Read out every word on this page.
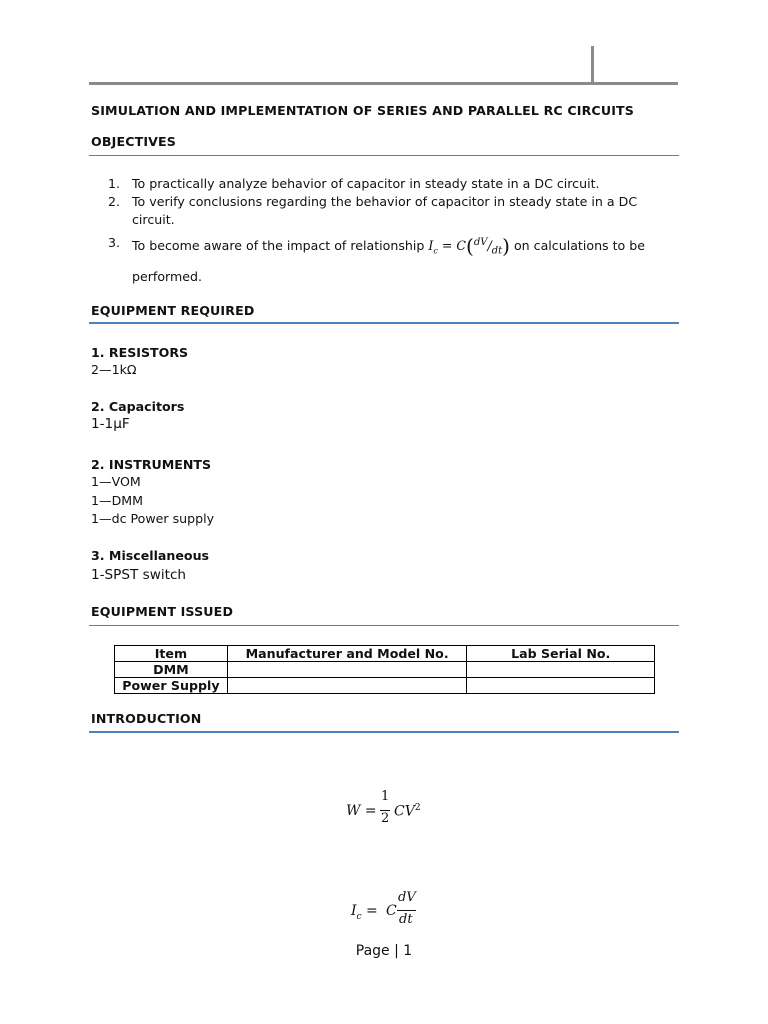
SIMULATION AND IMPLEMENTATION OF SERIES AND PARALLEL RC CIRCUITS
OBJECTIVES
1. To practically analyze behavior of capacitor in steady state in a DC circuit.
2. To verify conclusions regarding the behavior of capacitor in steady state in a DC circuit.
3. To become aware of the impact of relationship $I_c = C(^{dV}/_{dt})$ on calculations to be performed.
EQUIPMENT REQUIRED
1. RESISTORS
2—1kΩ
2. Capacitors
1-1μF
2. INSTRUMENTS
1—VOM
1—DMM
1—dc Power supply
3. Miscellaneous
1-SPST switch
EQUIPMENT ISSUED
Item	Manufacturer and Model No.	Lab Serial No.
DMM		
Power Supply		
INTRODUCTION
W =
1
2 $CV^2$
$I_c = C$
dV
dt
Page | 1
